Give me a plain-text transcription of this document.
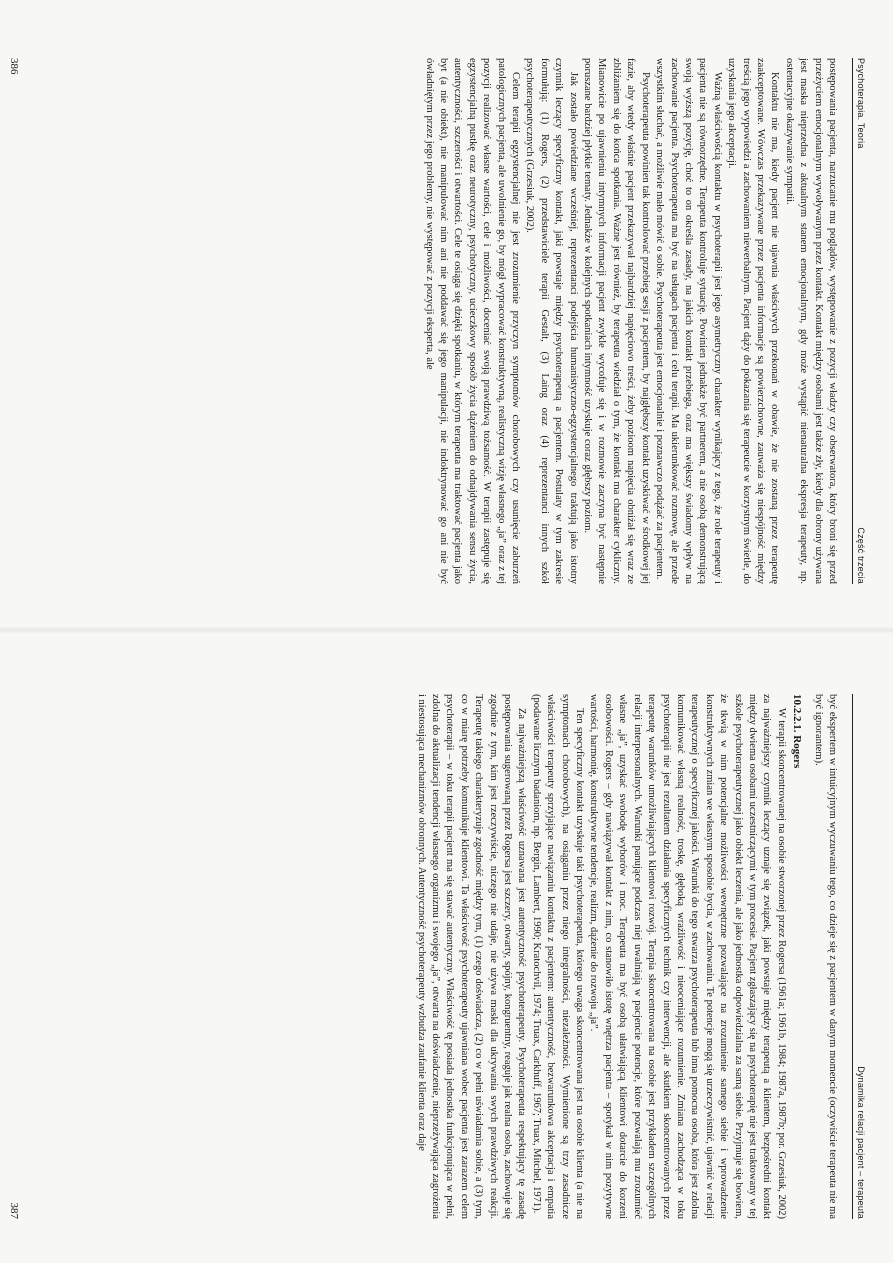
Psychoterapia. Teoria
Część trzecia

postępowania pacjenta, narzucanie mu poglądów, występowanie z pozycji władzy czy obserwatora, który broni się przed przeżyciem emocjonalnym wywoływanym przez kontakt. Kontakt między osobami jest także zły, kiedy dla obrony używana jest maska nieprzedna z aktualnym stanem emocjonalnym, gdy może wystąpić nienaturalna ekspresja terapeuty, np. ostentacyjne okazywanie sympatii.

Kontaktu nie ma, kiedy pacjent nie ujawnia właściwych przekonań w obawie, że nie zostaną przez terapeutę zaakceptowane. Wówczas przekazywane przez pacjenta informacje są powierzchowne, zauważa się niespójność między treścią jego wypowiedzi a zachowaniem niewerbalnym. Pacjent dąży do pokazania się terapeucie w korzystnym świetle, do uzyskania jego akceptacji.

Ważną właściwością kontaktu w psychoterapii jest jego asymetryczny charakter wynikający z tego, że role terapeuty i pacjenta nie są równorzędne. Terapeuta kontroluje sytuację. Powinien jednakże być partnerem, a nie osobą demonstrującą swoją wyższą pozycję, choć to on określa zasady, na jakich kontakt przebiega, oraz ma większy świadomy wpływ na zachowanie pacjenta. Psychoterapeuta ma być na usługach pacjenta i celu terapii. Ma ukierunkować rozmowę, ale przede wszystkim słuchać, a możliwie mało mówić o sobie. Psychoterapeuta jest emocjonalnie i poznawczo podążać za pacjentem.

Psychoterapeuta powinien tak kontrolować przebieg sesji z pacjentem, by najgłębszy kontakt uzyskiwać w środkowej jej fazie, aby wtedy właśnie pacjent przekazywał najbardziej napięciowo treści, żeby pozioom napięcia obniżał się wraz ze zbliżaniem się do końca spotkania. Ważne jest również, by terapeuta wiedział o tym, że kontakt ma charakter cykliczny. Mianowicie po ujawnieniu intymnych informacji pacjent zwykle wycofuje się i w rozmowie zaczyna być następnie poruszane bardziej płytkie tematy. Jednakże w kolejnych spotkaniach intymność uzyskuje coraz głębszy poziom.

Jak zostało powiedziane wcześniej, reprezentanci podejścia humanistyczno-egzystencjalnego traktują jako istotny czynnik leczący specyficzny kontakt, jaki powstaje między psychoterapeutą a pacjentem. Postulaty w tym zakresie formułują: (1) Rogers, (2) przedstawiciele terapii Gestalt, (3) Laing oraz (4) reprezentanci innych szkół psychoterapeutycznych (Grzesiuk, 2002).

Celem terapii egzystencjalnej nie jest zrozumienie przyczyn symptomów chorobowych czy usunięcie zaburzeń patologicznych pacjenta, ale uwolnienie go, by mógł wypracować konstruktywną, realistyczną wizję własnego „ja” oraz z tej pozycji realizować własne wartości, cele i możliwości, doceniać swoją prawdziwą tożsamość. W terapii zastępuje się egzystencjalną pustkę oraz neurotyczny, psychotyczny, ucieczkowy sposób życia dążeniem do odnajdywania sensu życia, autentyczności, szczerości i otwartości. Cele te osiąga się dzięki spotkaniu, w którym terapeuta ma traktować pacjenta jako byt (a nie obiekt), nie manipulować nim ani nie poddawać się jego manipulacji, nie indoktrynować go ani nie być ówładniętym przez jego problemy, nie występować z pozycji eksperta, ale

386
Dynamika relacji pacjent – terapeuta

być ekspertem w intuicyjnym wyczuwaniu tego, co dzieje się z pacjentem w danym momencie (oczywiście terapeuta nie ma być ignorantem).

10.2.2.1. Rogers

W terapii skoncentrowanej na osobie stworzonej przez Rogersa (1961a; 1961b, 1984; 1987a, 1987b; por. Grzesiuk, 2002) za najważniejszy czynnik leczący uznaje się związek, jaki powstaje między terapeutą a klientem, bezpośredni kontakt między dwiema osobami uczestniczącymi w tym procesie. Pacjent zgłaszający się na psychoterapię nie jest traktowany w tej szkole psychoterapeutycznej jako obiekt leczenia, ale jako jednostka odpowiedzialna za samą siebie. Przyjmuje się bowiem, że tkwią w nim potencjalne możliwości wewnętrzne pozwalające na zrozumienie samego siebie i wprowadzenie konstruktywnych zmian we własnym sposobie bycia, w zachowaniu. Te potencje mogą się urzeczywistnić, ujawnić w relacji terapeutycznej o specyficznej jakości. Warunki do tego stwarza psychoterapeuta lub inna pomocna osoba, która jest zdolna komunikować własną realność, troskę, głęboką wrażliwość i nieoceniające rozumienie. Zmiana zachodząca w toku psychoterapii nie jest rezultatem działania specyficznych technik czy interwencji, ale skutkiem skoncentrowanych przez terapeutę warunków umożliwiających klientowi rozwój. Terapia skoncentrowana na osobie jest przykładem szczególnych relacji interpersonalnych. Warunki panujące podczas niej uwalniają w pacjencie potencje, które pozwalają mu zrozumieć własne „ja”, uzyskać swobodę wyborów i moc. Terapeuta ma być osobą ułatwiającą klientowi dotarcie do korzeni osobowości. Rogers – gdy nawiązywał kontakt z nim, co stanowiło istotę wnętrza pacjenta – spotykał w nim pozytywne wartości, harmonię, konstruktywne tendencje, realizm, dążenie do rozwoju „ja”.

Ten specyficzny kontakt uzyskuje taki psychoterapeuta, którego uwaga skoncentrowana jest na osobie klienta (a nie na symptomach chorobowych), na osiąganiu przez niego integralności, niezależności. Wymienione są trzy zasadnicze właściwości terapeuty sprzyjające nawiązaniu kontaktu z pacjentem: autentyczność, bezwarunkowa akceptacja i empatia (podawane licznym badaniom, np. Bergin, Lambert, 1990; Kratochvil, 1974; Truax, Carkhuff, 1967; Truax, Mitchel, 1971).

Za najważniejszą właściwość uznawana jest autentyczność psychoterapeuty. Psychoterapeuta respektujący tę zasadę postępowania sugerowaną przez Rogersa jest szczery, otwarty, spójny, kongruentny, reaguje jak realna osoba, zachowuje się zgodnie z tym, kim jest rzeczywiście, niczego nie udaje, nie używa maski dla ukrywania swych prawdziwych reakcji. Terapeutę takiego charakteryzuje zgodność między tym, (1) czego doświadcza, (2) co w pełni uświadamia sobie, a (3) tym, co w miarę potrzeby komunikuje klientowi. Ta właściwość psychoterapeuty ujawniana wobec pacjenta jest zarazem celem psychoterapii – w toku terapii pacjent ma się stawać autentyczny. Właściwość tę posiada jednostka funkcjonująca w pełni, zdolna do aktualizacji tendencji własnego organizmu i swojego „ja”, otwarta na doświadczenie, nieprzeżywająca zagrożenia i niestosująca mechanizmów obronnych. Autentyczność psychoterapeuty wzbudza zaufanie klienta oraz daje

387
